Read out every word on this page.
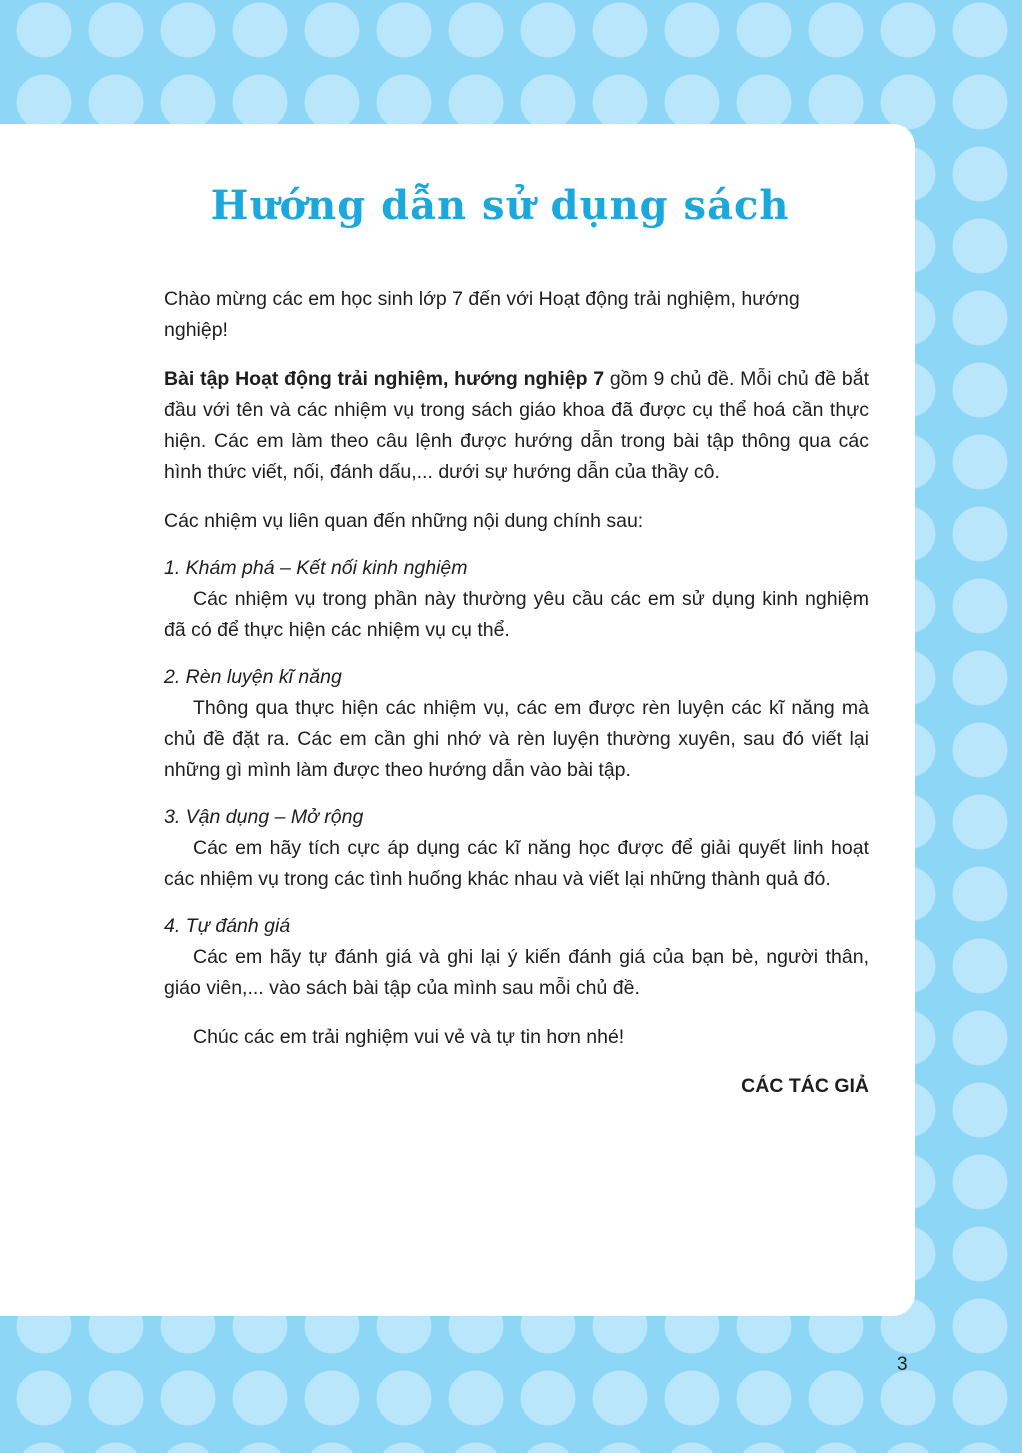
Hướng dẫn sử dụng sách

Chào mừng các em học sinh lớp 7 đến với Hoạt động trải nghiệm, hướng nghiệp!

Bài tập Hoạt động trải nghiệm, hướng nghiệp 7 gồm 9 chủ đề. Mỗi chủ đề bắt đầu với tên và các nhiệm vụ trong sách giáo khoa đã được cụ thể hoá cần thực hiện. Các em làm theo câu lệnh được hướng dẫn trong bài tập thông qua các hình thức viết, nối, đánh dấu,... dưới sự hướng dẫn của thầy cô.

Các nhiệm vụ liên quan đến những nội dung chính sau:

1. Khám phá – Kết nối kinh nghiệm

Các nhiệm vụ trong phần này thường yêu cầu các em sử dụng kinh nghiệm đã có để thực hiện các nhiệm vụ cụ thể.

2. Rèn luyện kĩ năng

Thông qua thực hiện các nhiệm vụ, các em được rèn luyện các kĩ năng mà chủ đề đặt ra. Các em cần ghi nhớ và rèn luyện thường xuyên, sau đó viết lại những gì mình làm được theo hướng dẫn vào bài tập.

3. Vận dụng – Mở rộng

Các em hãy tích cực áp dụng các kĩ năng học được để giải quyết linh hoạt các nhiệm vụ trong các tình huống khác nhau và viết lại những thành quả đó.

4. Tự đánh giá

Các em hãy tự đánh giá và ghi lại ý kiến đánh giá của bạn bè, người thân, giáo viên,... vào sách bài tập của mình sau mỗi chủ đề.

Chúc các em trải nghiệm vui vẻ và tự tin hơn nhé!

CÁC TÁC GIẢ

3
